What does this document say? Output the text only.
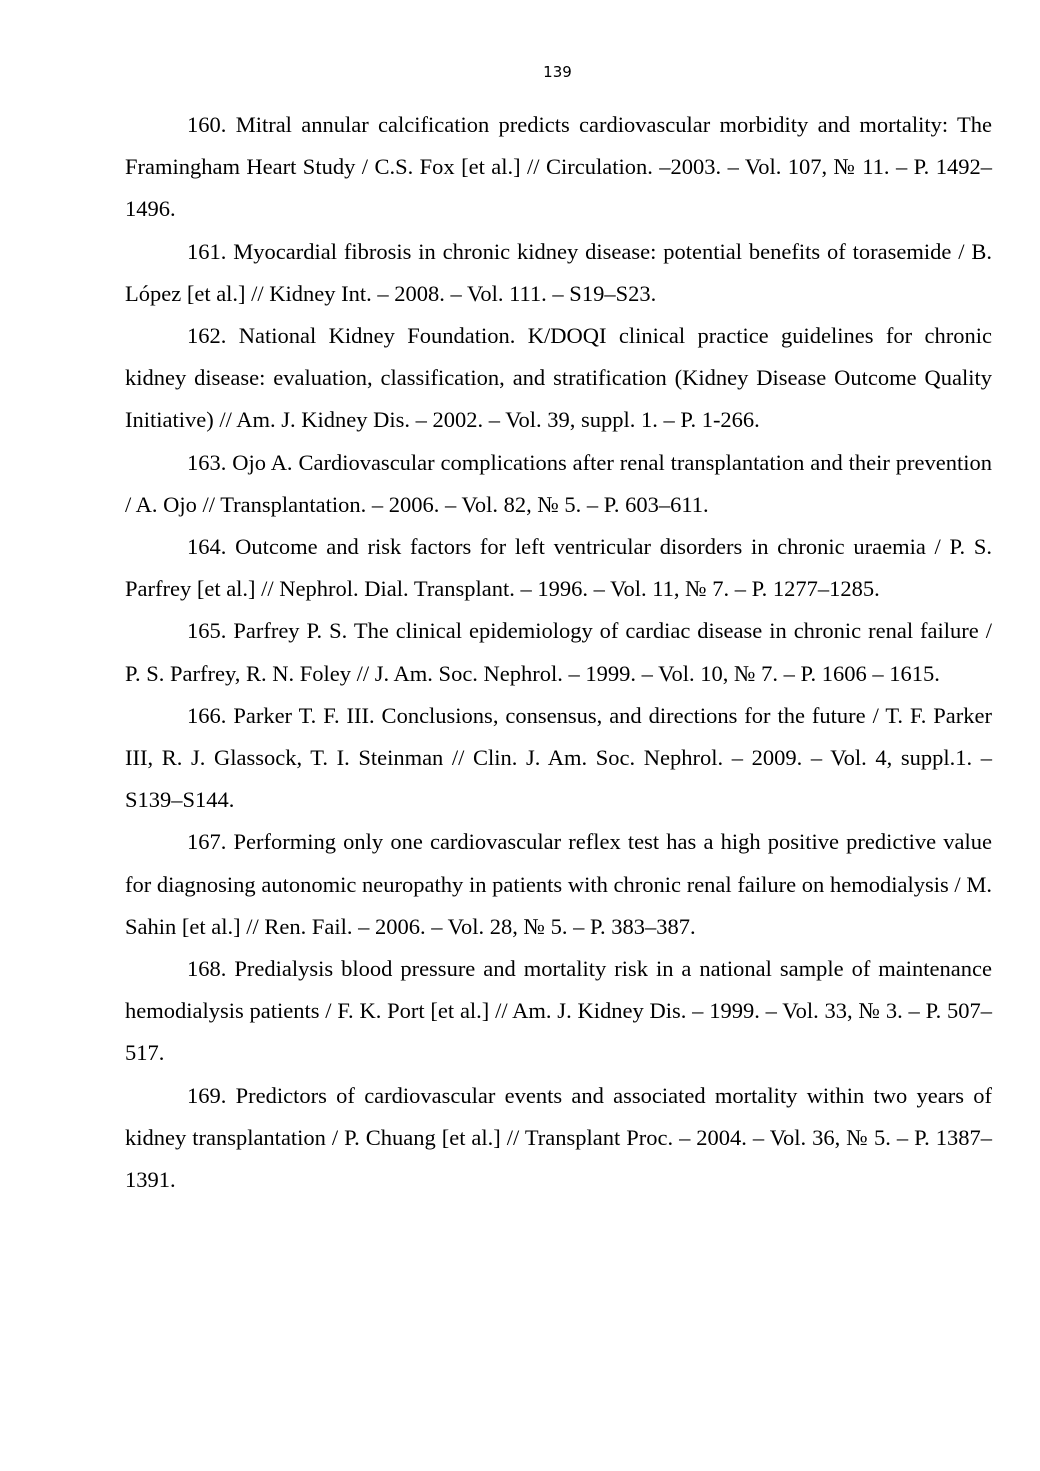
139
160. Mitral annular calcification predicts cardiovascular morbidity and mortality: The Framingham Heart Study / C.S. Fox [et al.] // Circulation. –2003. – Vol. 107, № 11. – P. 1492–1496.
161. Myocardial fibrosis in chronic kidney disease: potential benefits of torasemide / B. López [et al.] // Kidney Int. – 2008. – Vol. 111. – S19–S23.
162. National Kidney Foundation. K/DOQI clinical practice guidelines for chronic kidney disease: evaluation, classification, and stratification (Kidney Disease Outcome Quality Initiative) // Am. J. Kidney Dis. – 2002. – Vol. 39, suppl. 1. – P. 1-266.
163. Ojo A. Cardiovascular complications after renal transplantation and their prevention / A. Ojo // Transplantation. – 2006. – Vol. 82, № 5. – P. 603–611.
164. Outcome and risk factors for left ventricular disorders in chronic uraemia / P. S. Parfrey [et al.] // Nephrol. Dial. Transplant. – 1996. – Vol. 11, № 7. – P. 1277–1285.
165. Parfrey P. S. The clinical epidemiology of cardiac disease in chronic renal failure / P. S. Parfrey, R. N. Foley // J. Am. Soc. Nephrol. – 1999. – Vol. 10, № 7. – P. 1606 – 1615.
166. Parker T. F. III. Conclusions, consensus, and directions for the future / T. F. Parker III, R. J. Glassock, T. I. Steinman // Clin. J. Am. Soc. Nephrol. – 2009. – Vol. 4, suppl.1. – S139–S144.
167. Performing only one cardiovascular reflex test has a high positive predictive value for diagnosing autonomic neuropathy in patients with chronic renal failure on hemodialysis / M. Sahin [et al.] // Ren. Fail. – 2006. – Vol. 28, № 5. – P. 383–387.
168. Predialysis blood pressure and mortality risk in a national sample of maintenance hemodialysis patients / F. K. Port [et al.] // Am. J. Kidney Dis. – 1999. – Vol. 33, № 3. – P. 507–517.
169. Predictors of cardiovascular events and associated mortality within two years of kidney transplantation / P. Chuang [et al.] // Transplant Proc. – 2004. – Vol. 36, № 5. – P. 1387–1391.
